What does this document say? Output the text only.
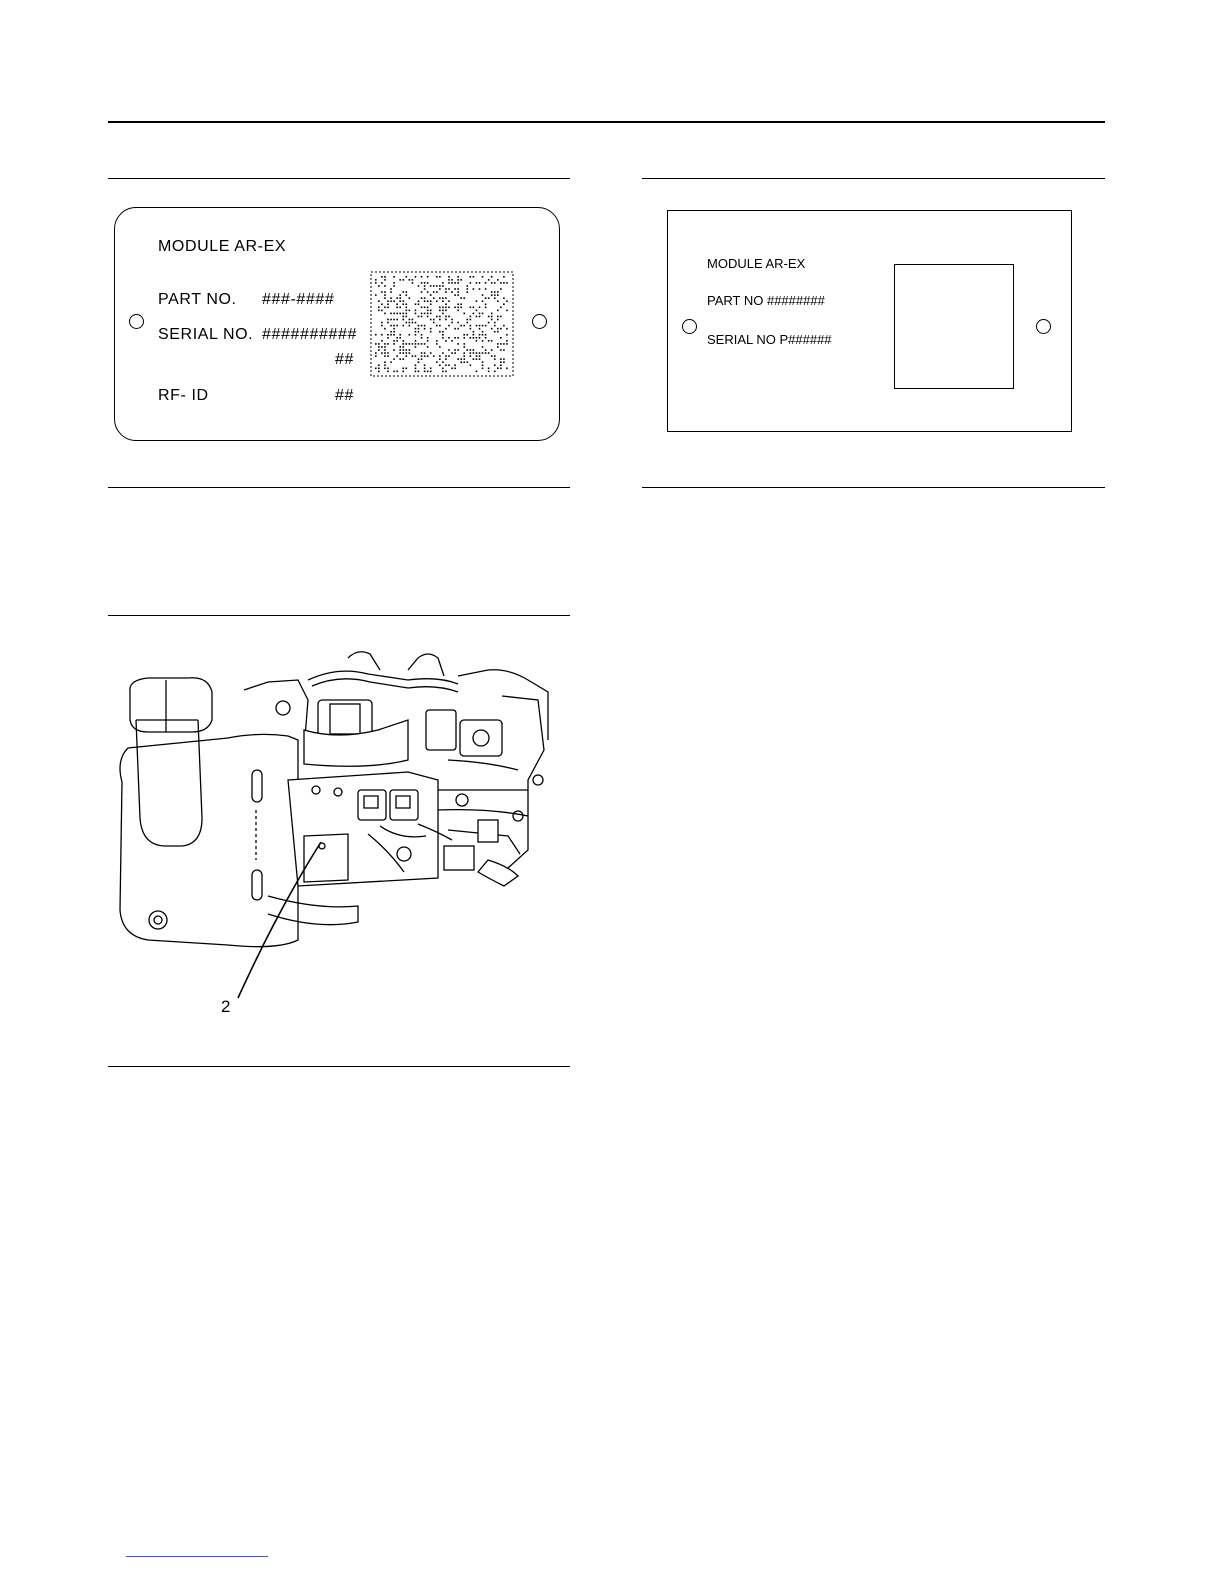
MODULE AR-EX
PART NO. ###-####
SERIAL NO. ##########
##
RF- ID	##
MODULE AR-EX
PART NO ########
SERIAL NO P######
2
